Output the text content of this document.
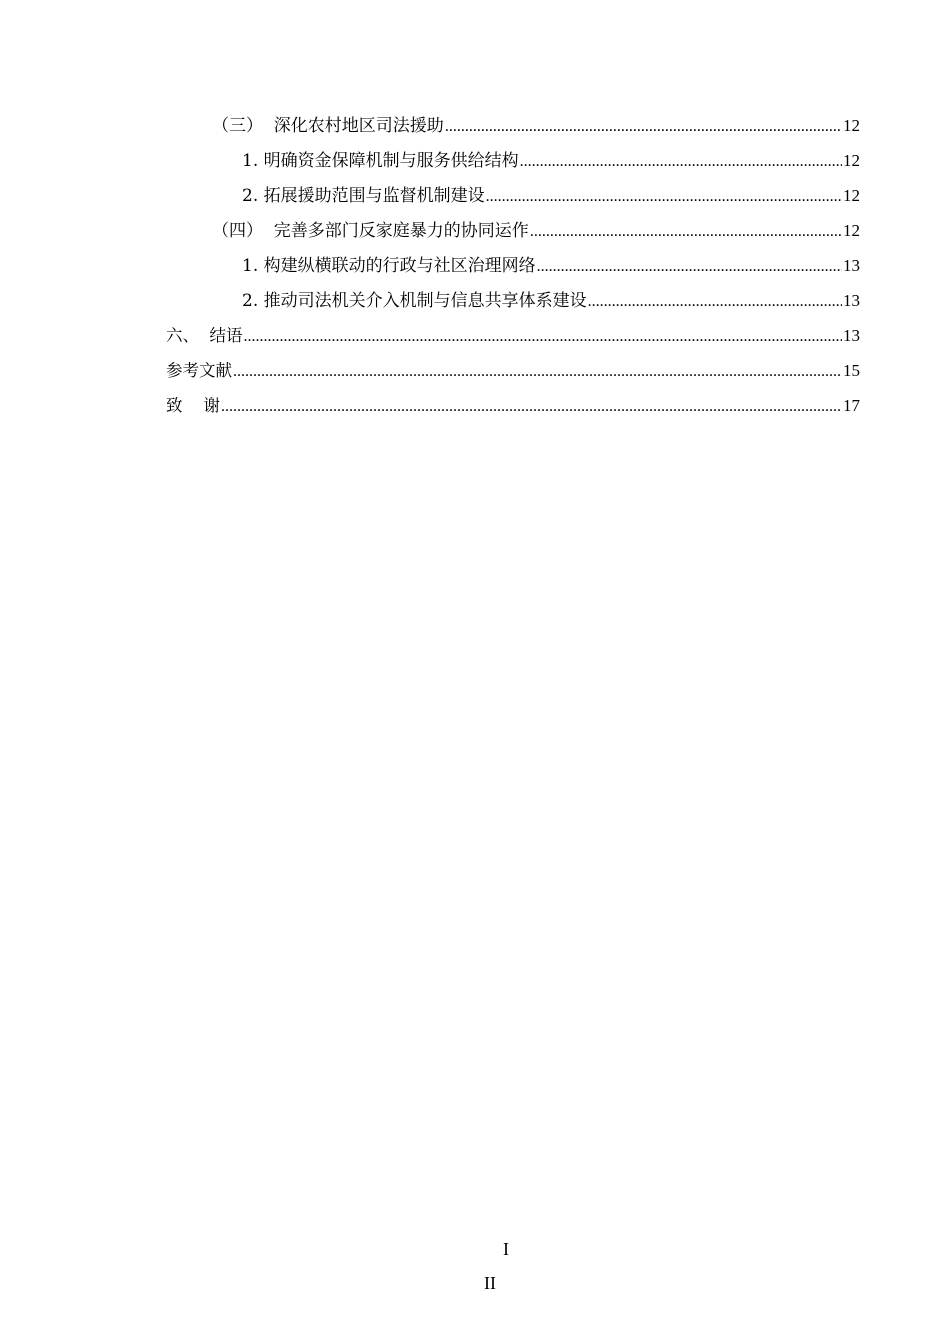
（三）  深化农村地区司法援助 .....	12
1. 明确资金保障机制与服务供给结构 .....	12
2. 拓展援助范围与监督机制建设 .....	12
（四）  完善多部门反家庭暴力的协同运作 .....	12
1. 构建纵横联动的行政与社区治理网络 .....	13
2. 推动司法机关介入机制与信息共享体系建设 .....	13
六、  结语 .....	13
参考文献 .....	15
致    谢 .....	17
I
II
